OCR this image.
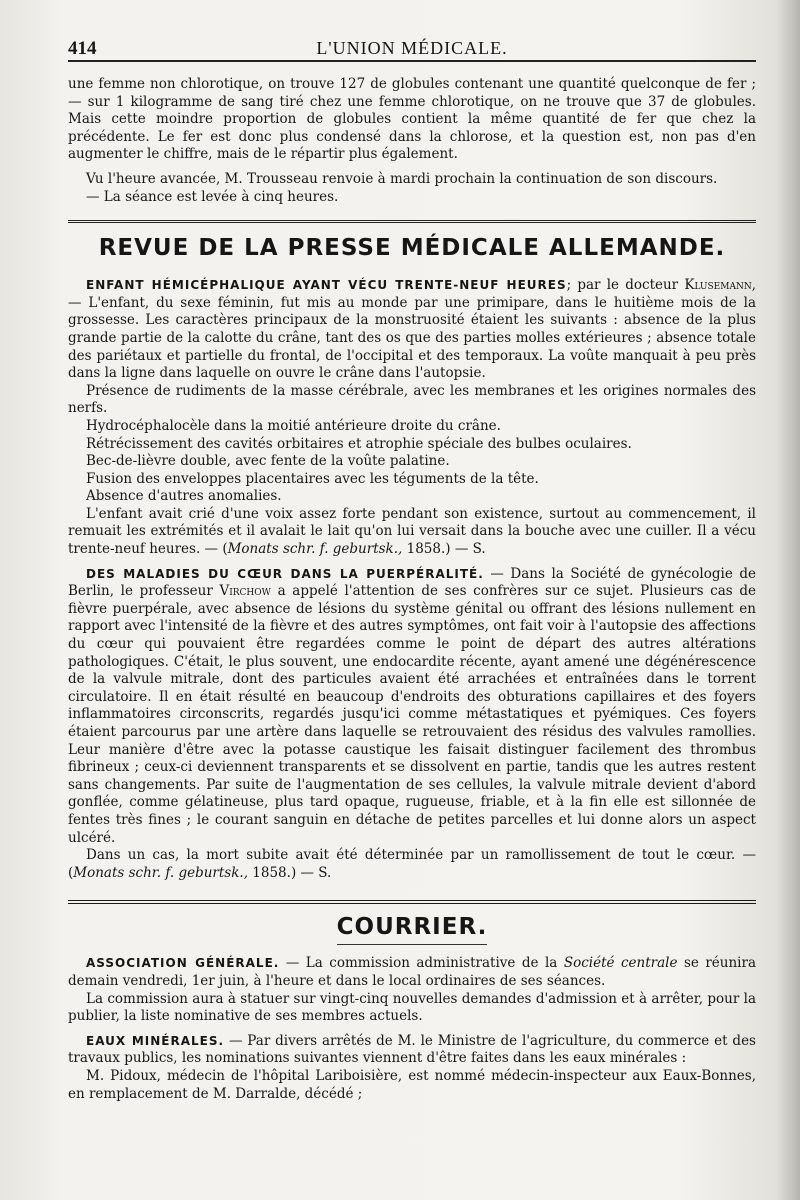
414	L'UNION MÉDICALE.

une femme non chlorotique, on trouve 127 de globules contenant une quantité quelconque de fer ; — sur 1 kilogramme de sang tiré chez une femme chlorotique, on ne trouve que 37 de globules. Mais cette moindre proportion de globules contient la même quantité de fer que chez la précédente. Le fer est donc plus condensé dans la chlorose, et la question est, non pas d'en augmenter le chiffre, mais de le répartir plus également.

Vu l'heure avancée, M. Trousseau renvoie à mardi prochain la continuation de son discours.

— La séance est levée à cinq heures.

REVUE DE LA PRESSE MÉDICALE ALLEMANDE.

ENFANT HÉMICÉPHALIQUE AYANT VÉCU TRENTE-NEUF HEURES; par le docteur Klusemann, — L'enfant, du sexe féminin, fut mis au monde par une primipare, dans le huitième mois de la grossesse. Les caractères principaux de la monstruosité étaient les suivants : absence de la plus grande partie de la calotte du crâne, tant des os que des parties molles extérieures ; absence totale des pariétaux et partielle du frontal, de l'occipital et des temporaux. La voûte manquait à peu près dans la ligne dans laquelle on ouvre le crâne dans l'autopsie.

Présence de rudiments de la masse cérébrale, avec les membranes et les origines normales des nerfs.

Hydrocéphalocèle dans la moitié antérieure droite du crâne.

Rétrécissement des cavités orbitaires et atrophie spéciale des bulbes oculaires.

Bec-de-lièvre double, avec fente de la voûte palatine.

Fusion des enveloppes placentaires avec les téguments de la tête.

Absence d'autres anomalies.

L'enfant avait crié d'une voix assez forte pendant son existence, surtout au commencement, il remuait les extrémités et il avalait le lait qu'on lui versait dans la bouche avec une cuiller. Il a vécu trente-neuf heures. — (Monats schr. f. geburtsk., 1858.) — S.

DES MALADIES DU CŒUR DANS LA PUERPÉRALITÉ. — Dans la Société de gynécologie de Berlin, le professeur Virchow a appelé l'attention de ses confrères sur ce sujet. Plusieurs cas de fièvre puerpérale, avec absence de lésions du système génital ou offrant des lésions nullement en rapport avec l'intensité de la fièvre et des autres symptômes, ont fait voir à l'autopsie des affections du cœur qui pouvaient être regardées comme le point de départ des autres altérations pathologiques. C'était, le plus souvent, une endocardite récente, ayant amené une dégénérescence de la valvule mitrale, dont des particules avaient été arrachées et entraînées dans le torrent circulatoire. Il en était résulté en beaucoup d'endroits des obturations capillaires et des foyers inflammatoires circonscrits, regardés jusqu'ici comme métastatiques et pyémiques. Ces foyers étaient parcourus par une artère dans laquelle se retrouvaient des résidus des valvules ramollies. Leur manière d'être avec la potasse caustique les faisait distinguer facilement des thrombus fibrineux ; ceux-ci deviennent transparents et se dissolvent en partie, tandis que les autres restent sans changements. Par suite de l'augmentation de ses cellules, la valvule mitrale devient d'abord gonflée, comme gélatineuse, plus tard opaque, rugueuse, friable, et à la fin elle est sillonnée de fentes très fines ; le courant sanguin en détache de petites parcelles et lui donne alors un aspect ulcéré.

Dans un cas, la mort subite avait été déterminée par un ramollissement de tout le cœur. — (Monats schr. f. geburtsk., 1858.) — S.

COURRIER.

ASSOCIATION GÉNÉRALE. — La commission administrative de la Société centrale se réunira demain vendredi, 1er juin, à l'heure et dans le local ordinaires de ses séances.

La commission aura à statuer sur vingt-cinq nouvelles demandes d'admission et à arrêter, pour la publier, la liste nominative de ses membres actuels.

EAUX MINÉRALES. — Par divers arrêtés de M. le Ministre de l'agriculture, du commerce et des travaux publics, les nominations suivantes viennent d'être faites dans les eaux minérales :

M. Pidoux, médecin de l'hôpital Lariboisière, est nommé médecin-inspecteur aux Eaux-Bonnes, en remplacement de M. Darralde, décédé ;
